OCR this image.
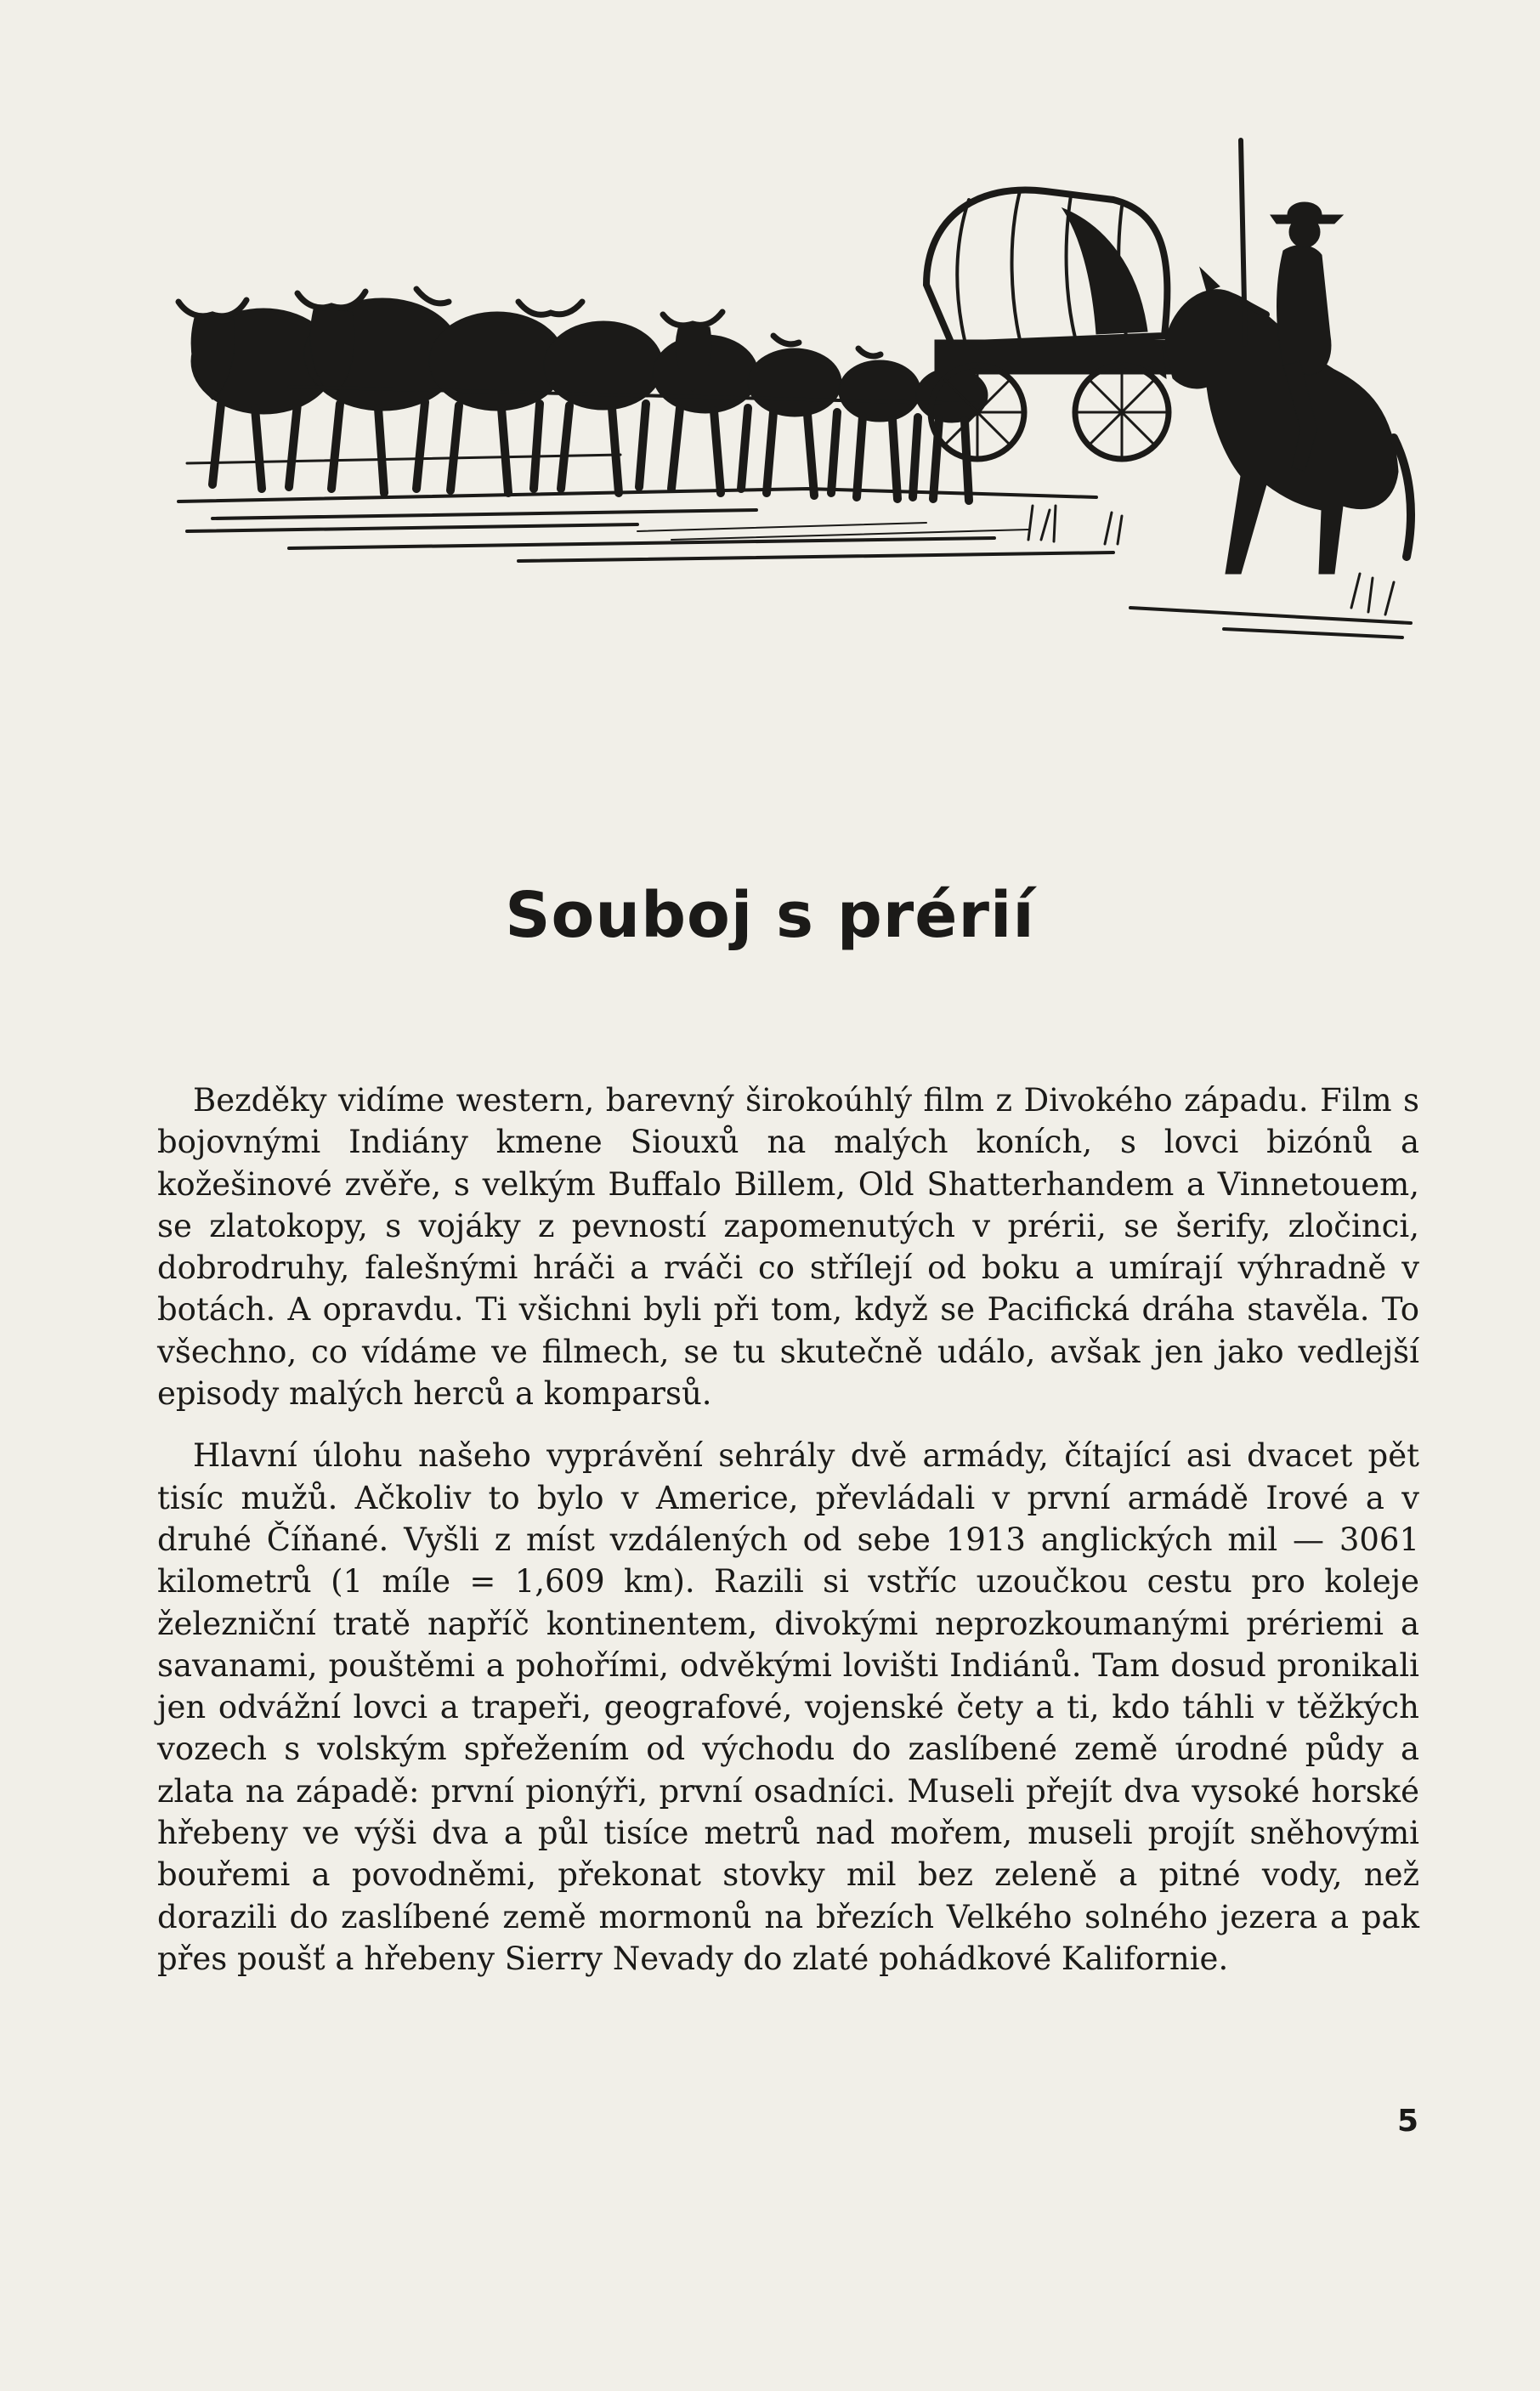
Souboj s prérií

Bezděky vidíme western, barevný širokoúhlý film z Divokého západu. Film s bojovnými Indiány kmene Siouxů na malých koních, s lovci bizónů a kožešinové zvěře, s velkým Buffalo Billem, Old Shatterhandem a Vinnetouem, se zlatokopy, s vojáky z pevností zapomenutých v prérii, se šerify, zločinci, dobrodruhy, falešnými hráči a rváči co střílejí od boku a umírají výhradně v botách. A opravdu. Ti všichni byli při tom, když se Pacifická dráha stavěla. To všechno, co vídáme ve filmech, se tu skutečně událo, avšak jen jako vedlejší episody malých herců a komparsů.

Hlavní úlohu našeho vyprávění sehrály dvě armády, čítající asi dvacet pět tisíc mužů. Ačkoliv to bylo v Americe, převládali v první armádě Irové a v druhé Číňané. Vyšli z míst vzdálených od sebe 1913 anglických mil — 3061 kilometrů (1 míle = 1,609 km). Razili si vstříc uzoučkou cestu pro koleje železniční tratě napříč kontinentem, divokými neprozkoumanými prériemi a savanami, pouštěmi a pohořími, odvěkými lovišti Indiánů. Tam dosud pronikali jen odvážní lovci a trapeři, geografové, vojenské čety a ti, kdo táhli v těžkých vozech s volským spřežením od východu do zaslíbené země úrodné půdy a zlata na západě: první pionýři, první osadníci. Museli přejít dva vysoké horské hřebeny ve výši dva a půl tisíce metrů nad mořem, museli projít sněhovými bouřemi a povodněmi, překonat stovky mil bez zeleně a pitné vody, než dorazili do zaslíbené země mormonů na březích Velkého solného jezera a pak přes poušť a hřebeny Sierry Nevady do zlaté pohádkové Kalifornie.

5
